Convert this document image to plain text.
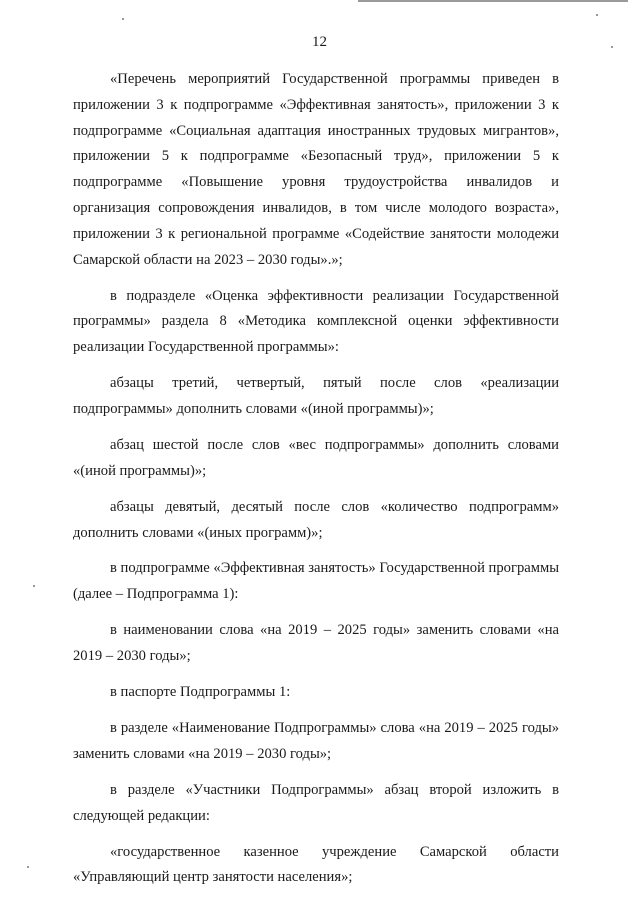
12

«Перечень мероприятий Государственной программы приведен в приложении 3 к подпрограмме «Эффективная занятость», приложении 3 к подпрограмме «Социальная адаптация иностранных трудовых мигрантов», приложении 5 к подпрограмме «Безопасный труд», приложении 5 к подпрограмме «Повышение уровня трудоустройства инвалидов и организация сопровождения инвалидов, в том числе молодого возраста», приложении 3 к региональной программе «Содействие занятости молодежи Самарской области на 2023 – 2030 годы».»;

в подразделе «Оценка эффективности реализации Государственной программы» раздела 8 «Методика комплексной оценки эффективности реализации Государственной программы»:

абзацы третий, четвертый, пятый после слов «реализации подпрограммы» дополнить словами «(иной программы)»;

абзац шестой после слов «вес подпрограммы» дополнить словами «(иной программы)»;

абзацы девятый, десятый после слов «количество подпрограмм» дополнить словами «(иных программ)»;

в подпрограмме «Эффективная занятость» Государственной программы (далее – Подпрограмма 1):

в наименовании слова «на 2019 – 2025 годы» заменить словами «на 2019 – 2030 годы»;

в паспорте Подпрограммы 1:

в разделе «Наименование Подпрограммы» слова «на 2019 – 2025 годы» заменить словами «на 2019 – 2030 годы»;

в разделе «Участники Подпрограммы» абзац второй изложить в следующей редакции:

«государственное казенное учреждение Самарской области «Управляющий центр занятости населения»;
